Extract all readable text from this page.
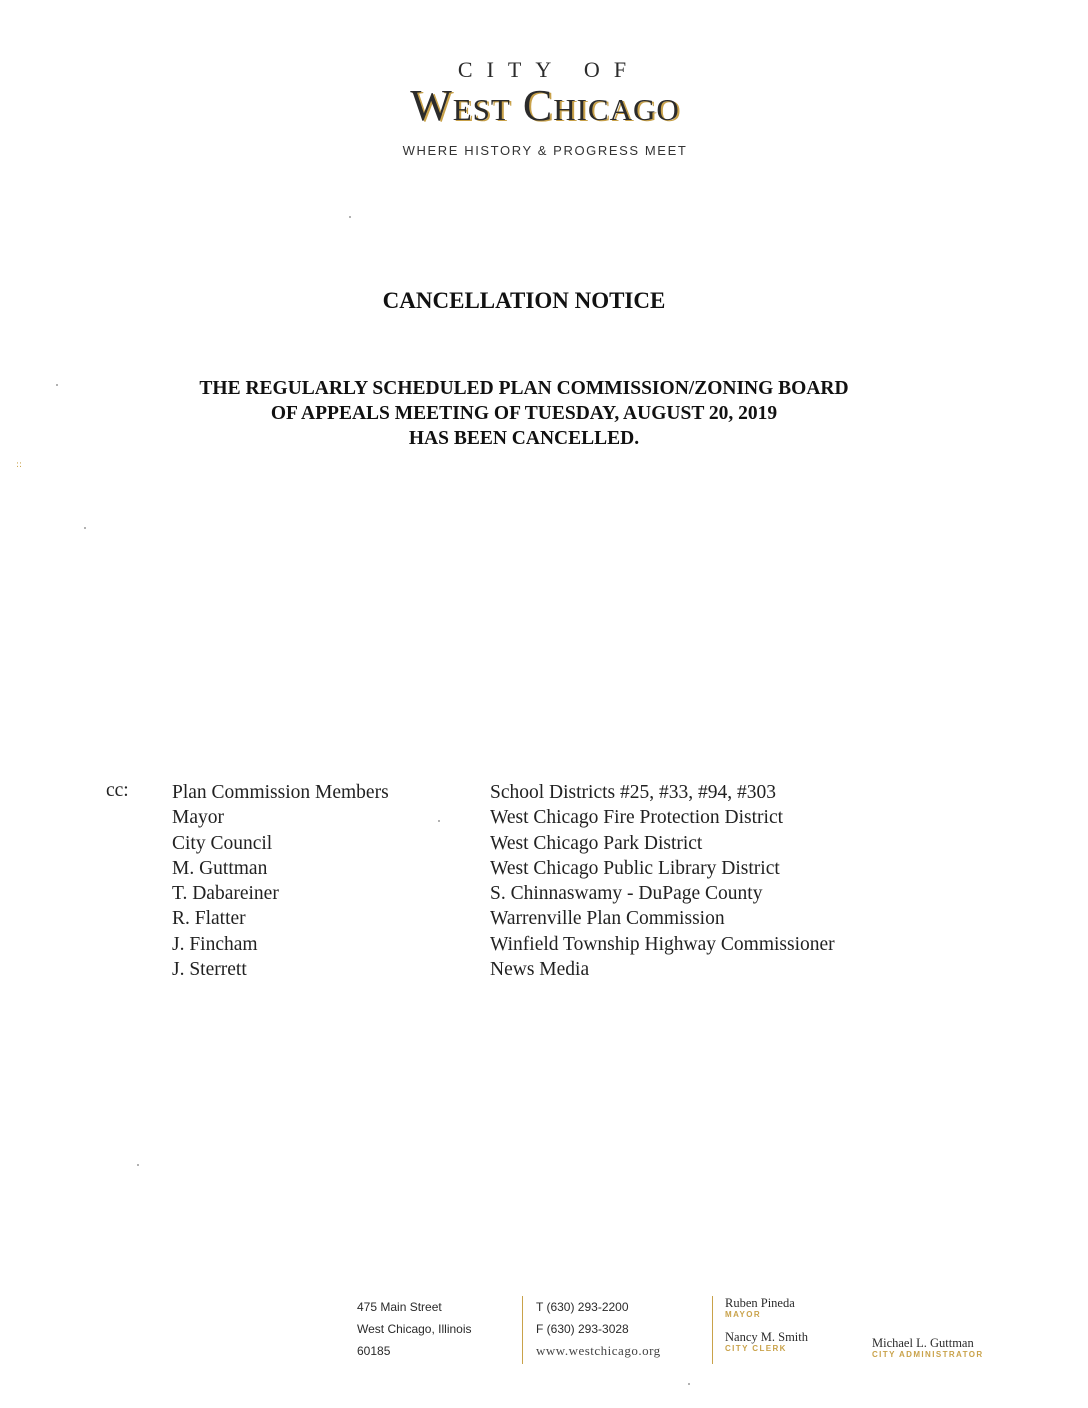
CITY OF
West Chicago
WHERE HISTORY & PROGRESS MEET
CANCELLATION NOTICE
THE REGULARLY SCHEDULED PLAN COMMISSION/ZONING BOARD
OF APPEALS MEETING OF TUESDAY, AUGUST 20, 2019
HAS BEEN CANCELLED.
cc: Plan Commission Members
Mayor
City Council
M. Guttman
T. Dabareiner
R. Flatter
J. Fincham
J. Sterrett
School Districts #25, #33, #94, #303
West Chicago Fire Protection District
West Chicago Park District
West Chicago Public Library District
S. Chinnaswamy - DuPage County
Warrenville Plan Commission
Winfield Township Highway Commissioner
News Media
475 Main Street
West Chicago, Illinois
60185
T (630) 293-2200
F (630) 293-3028
www.westchicago.org
Ruben Pineda
MAYOR
Nancy M. Smith
CITY CLERK	Michael L. Guttman
CITY ADMINISTRATOR
::
